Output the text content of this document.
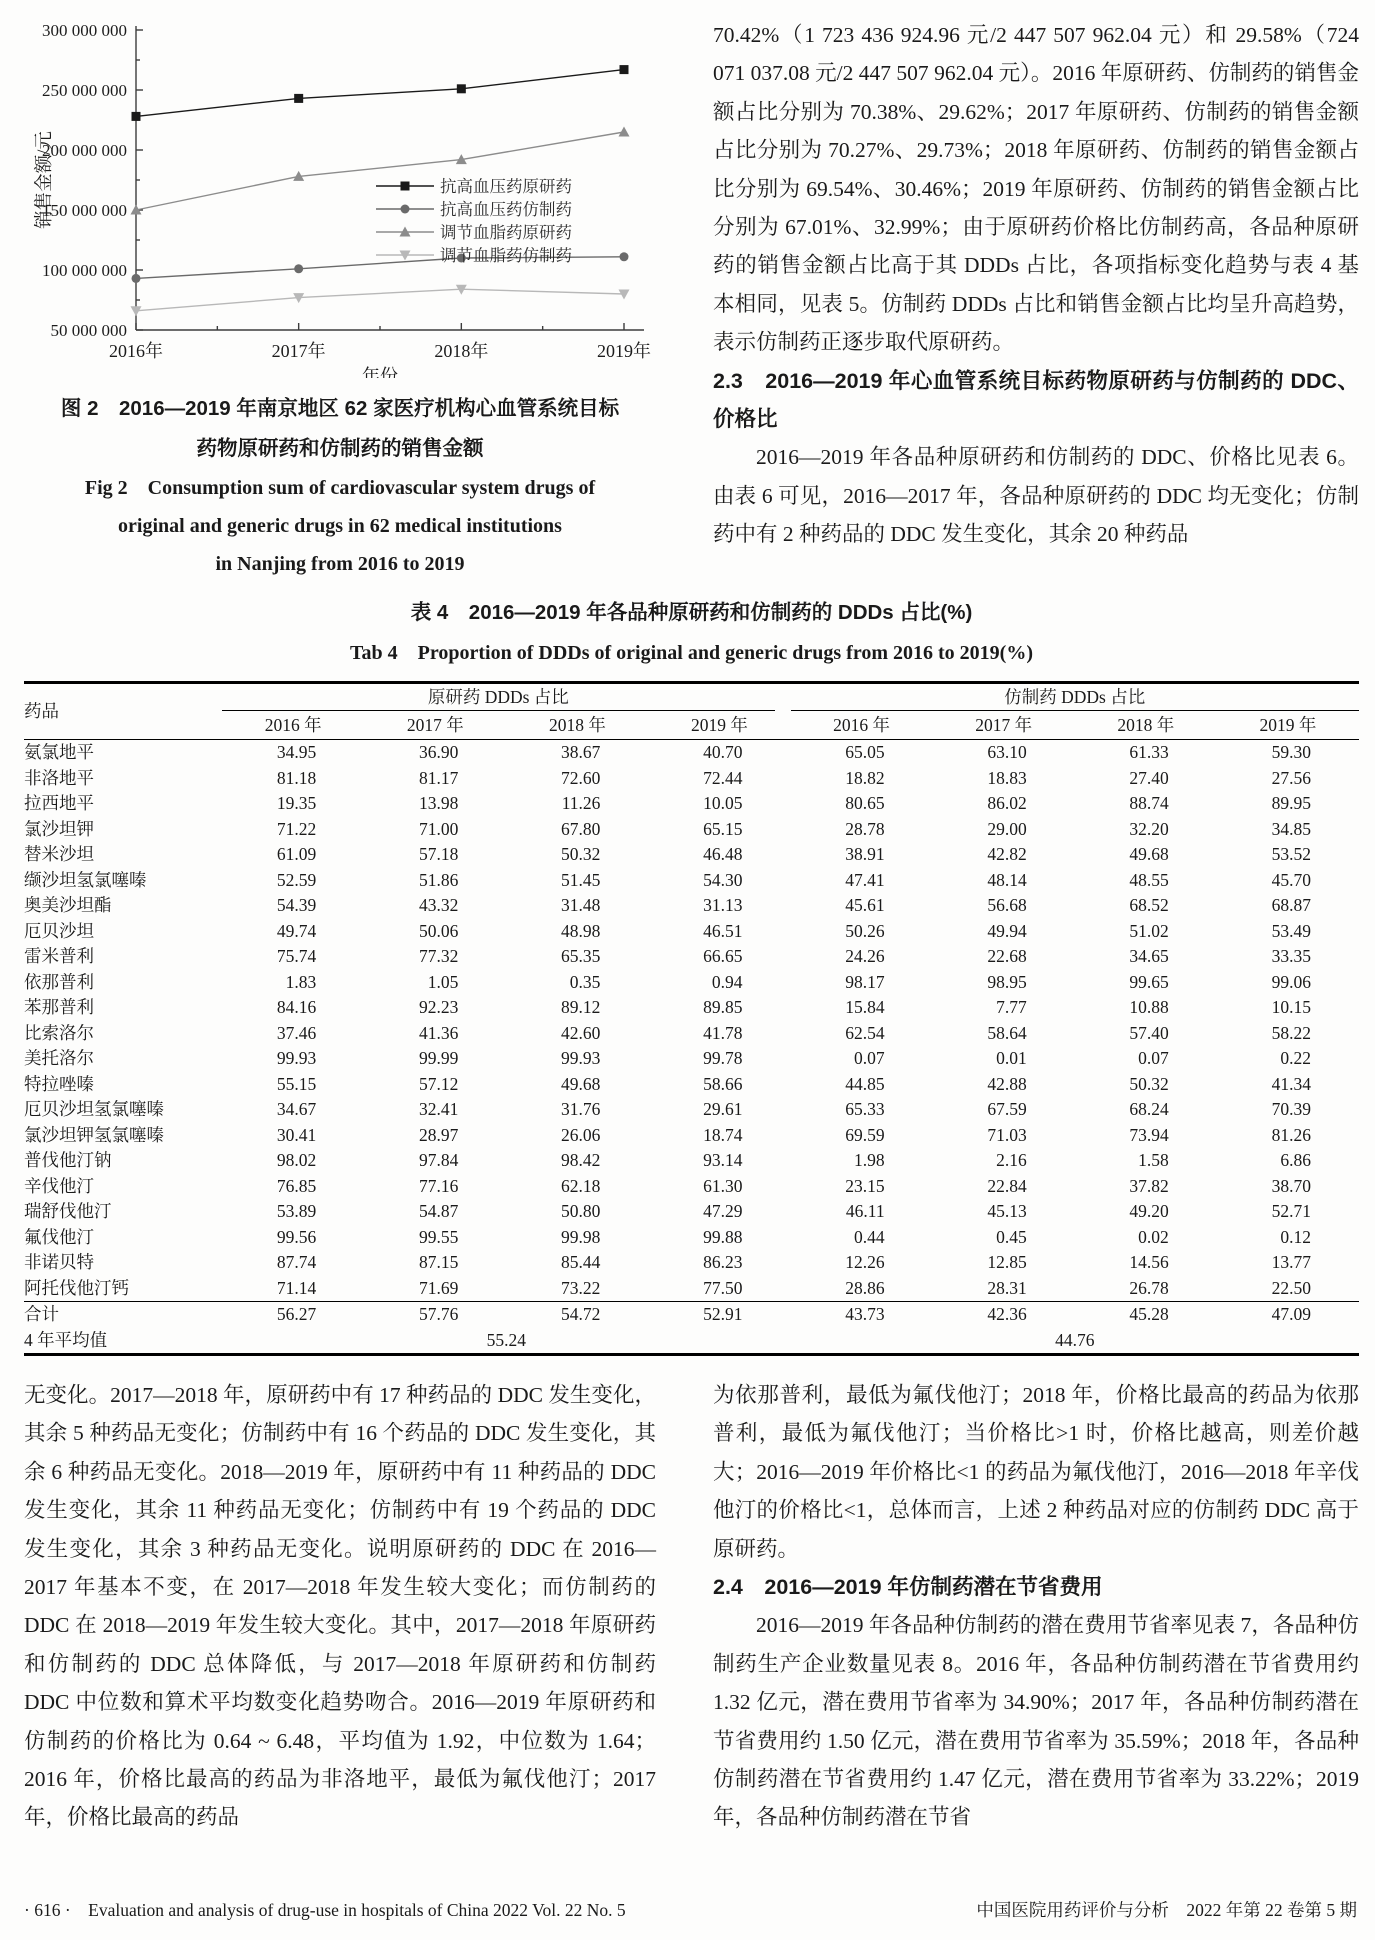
50 000 000
100 000 000
150 000 000
200 000 000
250 000 000
300 000 000
2016年	2017年	2018年	2019年
年份
销售金额/元	抗高血压药原研药
抗高血压药仿制药
调节血脂药原研药
调节血脂药仿制药
图 2　2016—2019 年南京地区 62 家医疗机构心血管系统目标
药物原研药和仿制药的销售金额
Fig 2　Consumption sum of cardiovascular system drugs of
original and generic drugs in 62 medical institutions
in Nanjing from 2016 to 2019

70.42%（1 723 436 924.96 元/2 447 507 962.04 元）和 29.58%（724 071 037.08 元/2 447 507 962.04 元）。2016 年原研药、仿制药的销售金额占比分别为 70.38%、29.62%；2017 年原研药、仿制药的销售金额占比分别为 70.27%、29.73%；2018 年原研药、仿制药的销售金额占比分别为 69.54%、30.46%；2019 年原研药、仿制药的销售金额占比分别为 67.01%、32.99%；由于原研药价格比仿制药高，各品种原研药的销售金额占比高于其 DDDs 占比，各项指标变化趋势与表 4 基本相同，见表 5。仿制药 DDDs 占比和销售金额占比均呈升高趋势，表示仿制药正逐步取代原研药。

2.3　2016—2019 年心血管系统目标药物原研药与仿制药的 DDC、价格比

2016—2019 年各品种原研药和仿制药的 DDC、价格比见表 6。由表 6 可见，2016—2017 年，各品种原研药的 DDC 均无变化；仿制药中有 2 种药品的 DDC 发生变化，其余 20 种药品

表 4　2016—2019 年各品种原研药和仿制药的 DDDs 占比(%)
Tab 4　Proportion of DDDs of original and generic drugs from 2016 to 2019(%)
药品	原研药 DDDs 占比				仿制药 DDDs 占比			

	2016 年	2017 年	2018 年	2019 年	2016 年	2017 年	2018 年	2019 年
氨氯地平	34.95	36.90	38.67	40.70	65.05	63.10	61.33	59.30
非洛地平	81.18	81.17	72.60	72.44	18.82	18.83	27.40	27.56
拉西地平	19.35	13.98	11.26	10.05	80.65	86.02	88.74	89.95
氯沙坦钾	71.22	71.00	67.80	65.15	28.78	29.00	32.20	34.85
替米沙坦	61.09	57.18	50.32	46.48	38.91	42.82	49.68	53.52
缬沙坦氢氯噻嗪	52.59	51.86	51.45	54.30	47.41	48.14	48.55	45.70
奥美沙坦酯	54.39	43.32	31.48	31.13	45.61	56.68	68.52	68.87
厄贝沙坦	49.74	50.06	48.98	46.51	50.26	49.94	51.02	53.49
雷米普利	75.74	77.32	65.35	66.65	24.26	22.68	34.65	33.35
依那普利	1.83	1.05	0.35	0.94	98.17	98.95	99.65	99.06
苯那普利	84.16	92.23	89.12	89.85	15.84	7.77	10.88	10.15
比索洛尔	37.46	41.36	42.60	41.78	62.54	58.64	57.40	58.22
美托洛尔	99.93	99.99	99.93	99.78	0.07	0.01	0.07	0.22
特拉唑嗪	55.15	57.12	49.68	58.66	44.85	42.88	50.32	41.34
厄贝沙坦氢氯噻嗪	34.67	32.41	31.76	29.61	65.33	67.59	68.24	70.39
氯沙坦钾氢氯噻嗪	30.41	28.97	26.06	18.74	69.59	71.03	73.94	81.26
普伐他汀钠	98.02	97.84	98.42	93.14	1.98	2.16	1.58	6.86
辛伐他汀	76.85	77.16	62.18	61.30	23.15	22.84	37.82	38.70
瑞舒伐他汀	53.89	54.87	50.80	47.29	46.11	45.13	49.20	52.71
氟伐他汀	99.56	99.55	99.98	99.88	0.44	0.45	0.02	0.12
非诺贝特	87.74	87.15	85.44	86.23	12.26	12.85	14.56	13.77
阿托伐他汀钙	71.14	71.69	73.22	77.50	28.86	28.31	26.78	22.50
合计	56.27	57.76	54.72	52.91	43.73	42.36	45.28	47.09
4 年平均值	55.24				44.76			

无变化。2017—2018 年，原研药中有 17 种药品的 DDC 发生变化，其余 5 种药品无变化；仿制药中有 16 个药品的 DDC 发生变化，其余 6 种药品无变化。2018—2019 年，原研药中有 11 种药品的 DDC 发生变化，其余 11 种药品无变化；仿制药中有 19 个药品的 DDC 发生变化，其余 3 种药品无变化。说明原研药的 DDC 在 2016—2017 年基本不变，在 2017—2018 年发生较大变化；而仿制药的 DDC 在 2018—2019 年发生较大变化。其中，2017—2018 年原研药和仿制药的 DDC 总体降低，与 2017—2018 年原研药和仿制药 DDC 中位数和算术平均数变化趋势吻合。2016—2019 年原研药和仿制药的价格比为 0.64 ~ 6.48，平均值为 1.92，中位数为 1.64；2016 年，价格比最高的药品为非洛地平，最低为氟伐他汀；2017 年，价格比最高的药品

为依那普利，最低为氟伐他汀；2018 年，价格比最高的药品为依那普利，最低为氟伐他汀；当价格比>1 时，价格比越高，则差价越大；2016—2019 年价格比<1 的药品为氟伐他汀，2016—2018 年辛伐他汀的价格比<1，总体而言，上述 2 种药品对应的仿制药 DDC 高于原研药。

2.4　2016—2019 年仿制药潜在节省费用

2016—2019 年各品种仿制药的潜在费用节省率见表 7，各品种仿制药生产企业数量见表 8。2016 年，各品种仿制药潜在节省费用约 1.32 亿元，潜在费用节省率为 34.90%；2017 年，各品种仿制药潜在节省费用约 1.50 亿元，潜在费用节省率为 35.59%；2018 年，各品种仿制药潜在节省费用约 1.47 亿元，潜在费用节省率为 33.22%；2019 年，各品种仿制药潜在节省

· 616 ·　Evaluation and analysis of drug-use in hospitals of China 2022 Vol. 22 No. 5	中国医院用药评价与分析　2022 年第 22 卷第 5 期
